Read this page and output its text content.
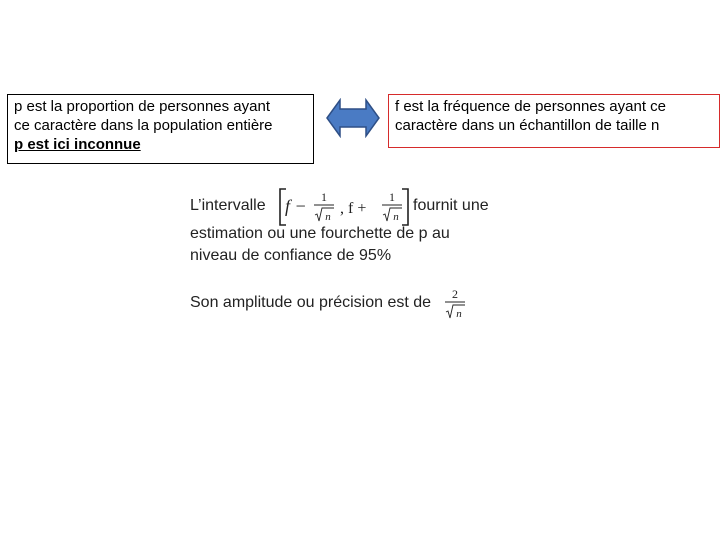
p est la proportion de personnes ayant
ce caractère dans la population entière
p est ici inconnue
f est la fréquence de personnes ayant ce
caractère dans un échantillon de taille n
L’intervalle f − 1
n , f +
1
n
fournit une
estimation ou une fourchette de p au
niveau de confiance de 95%
Son amplitude ou précision est de 2
n
